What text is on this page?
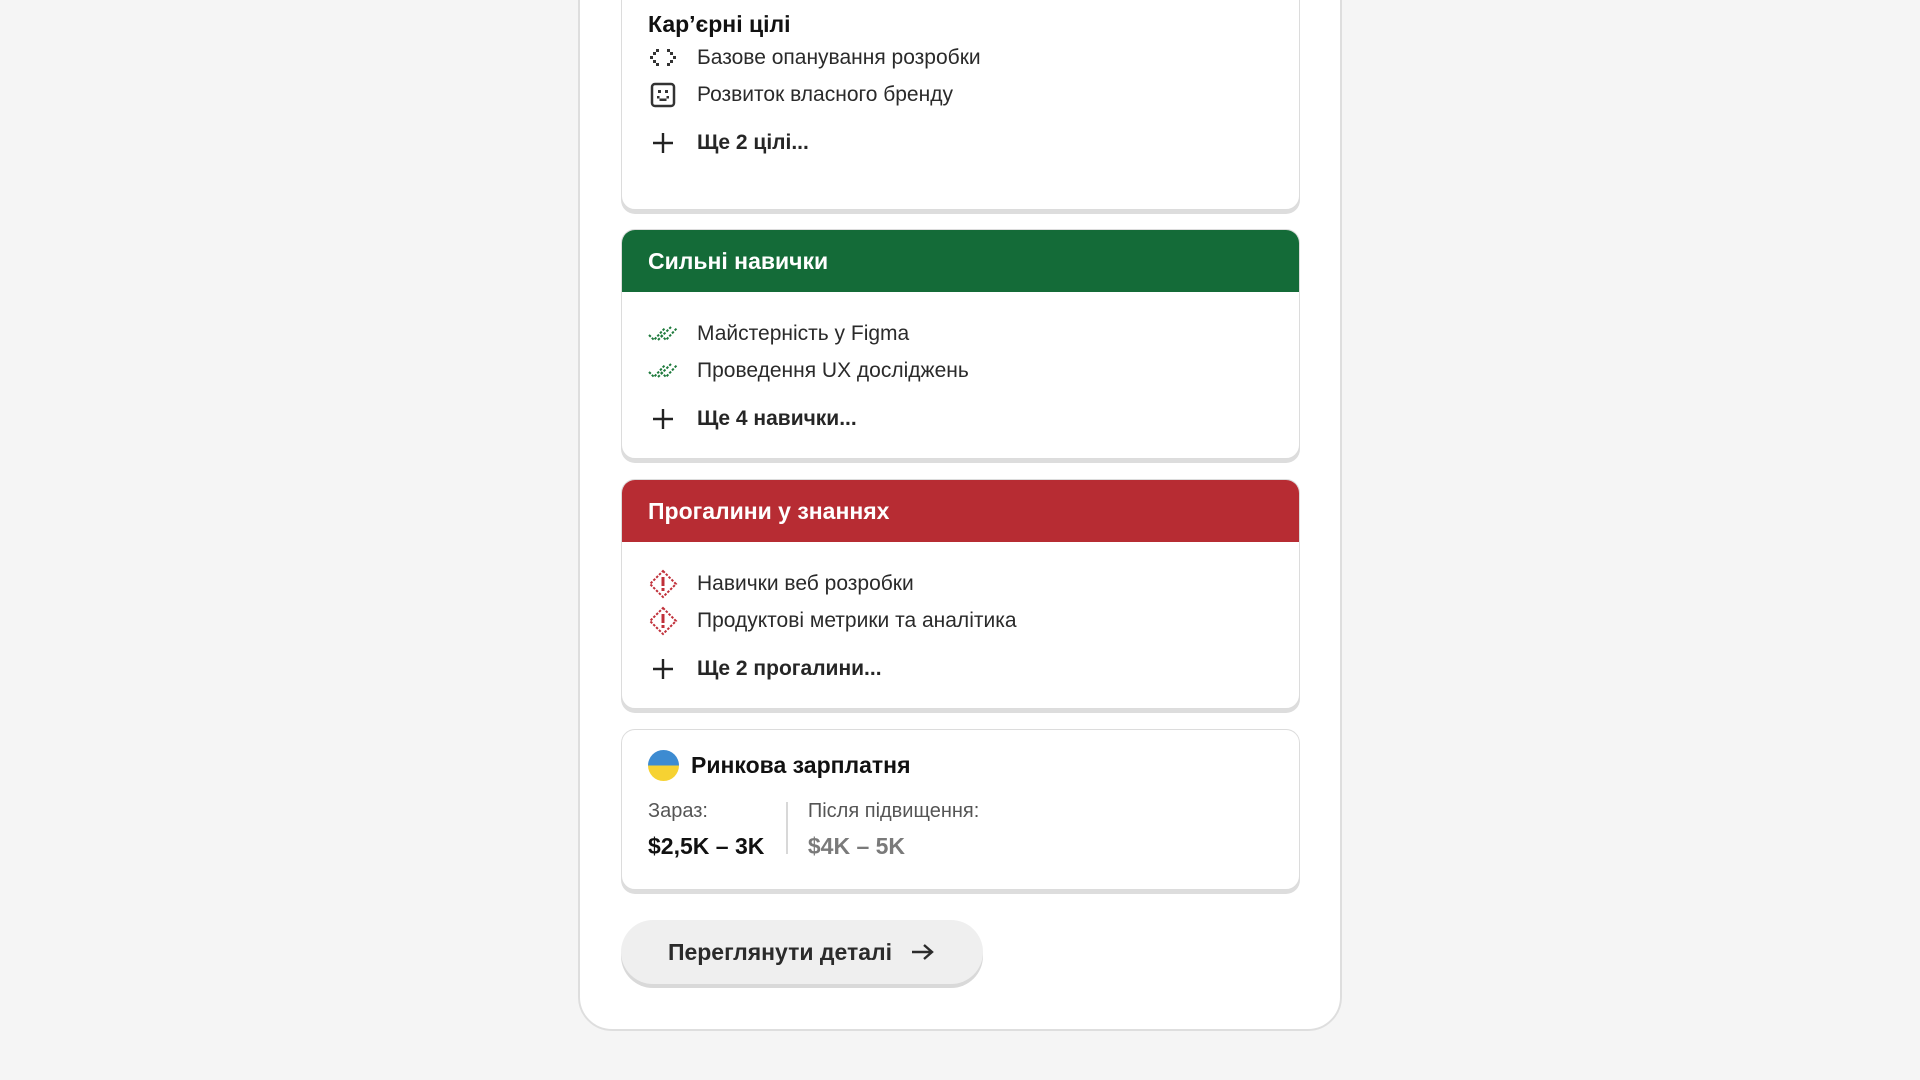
Кар’єрні цілі
Базове опанування розробки
Розвиток власного бренду
Ще 2 цілі...
Сильні навички
Майстерність у Figma
Проведення UX досліджень
Ще 4 навички...
Прогалини у знаннях
Навички веб розробки
Продуктові метрики та аналітика
Ще 2 прогалини...
Ринкова зарплатня
Зараз:
$2,5K – 3K
Після підвищення:
$4K – 5K
Переглянути деталі
